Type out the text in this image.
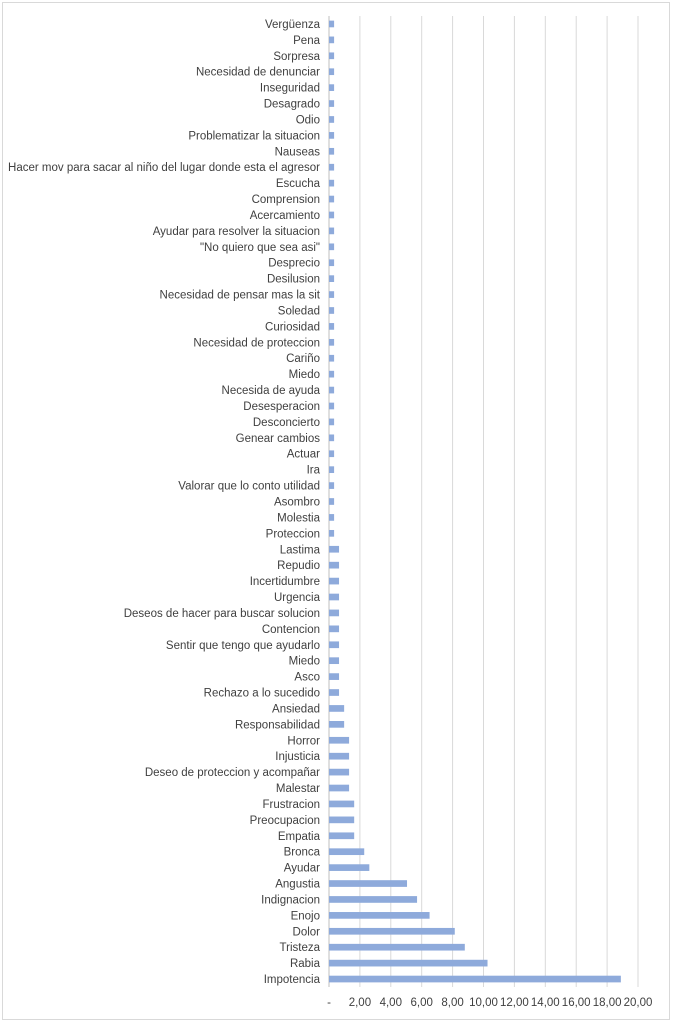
- 2,00 4,00 6,00 8,00 10,00 12,00 14,00 16,00 18,00 20,00
Vergüenza
Pena
Sorpresa
Necesidad de denunciar
Inseguridad
Desagrado
Odio
Problematizar la situacion
Nauseas
Hacer mov para sacar al niño del lugar donde esta el agresor
Escucha
Comprension
Acercamiento
Ayudar para resolver la situacion
"No quiero que sea asi"
Desprecio
Desilusion
Necesidad de pensar mas la sit
Soledad
Curiosidad
Necesidad de proteccion
Cariño
Miedo
Necesida de ayuda
Desesperacion
Desconcierto
Genear cambios
Actuar
Ira
Valorar que lo conto utilidad
Asombro
Molestia
Proteccion
Lastima
Repudio
Incertidumbre
Urgencia
Deseos de hacer para buscar solucion
Contencion
Sentir que tengo que ayudarlo
Miedo
Asco
Rechazo a lo sucedido
Ansiedad
Responsabilidad
Horror
Injusticia
Deseo de proteccion y acompañar
Malestar
Frustracion
Preocupacion
Empatia
Bronca
Ayudar
Angustia
Indignacion
Enojo
Dolor
Tristeza
Rabia
Impotencia
